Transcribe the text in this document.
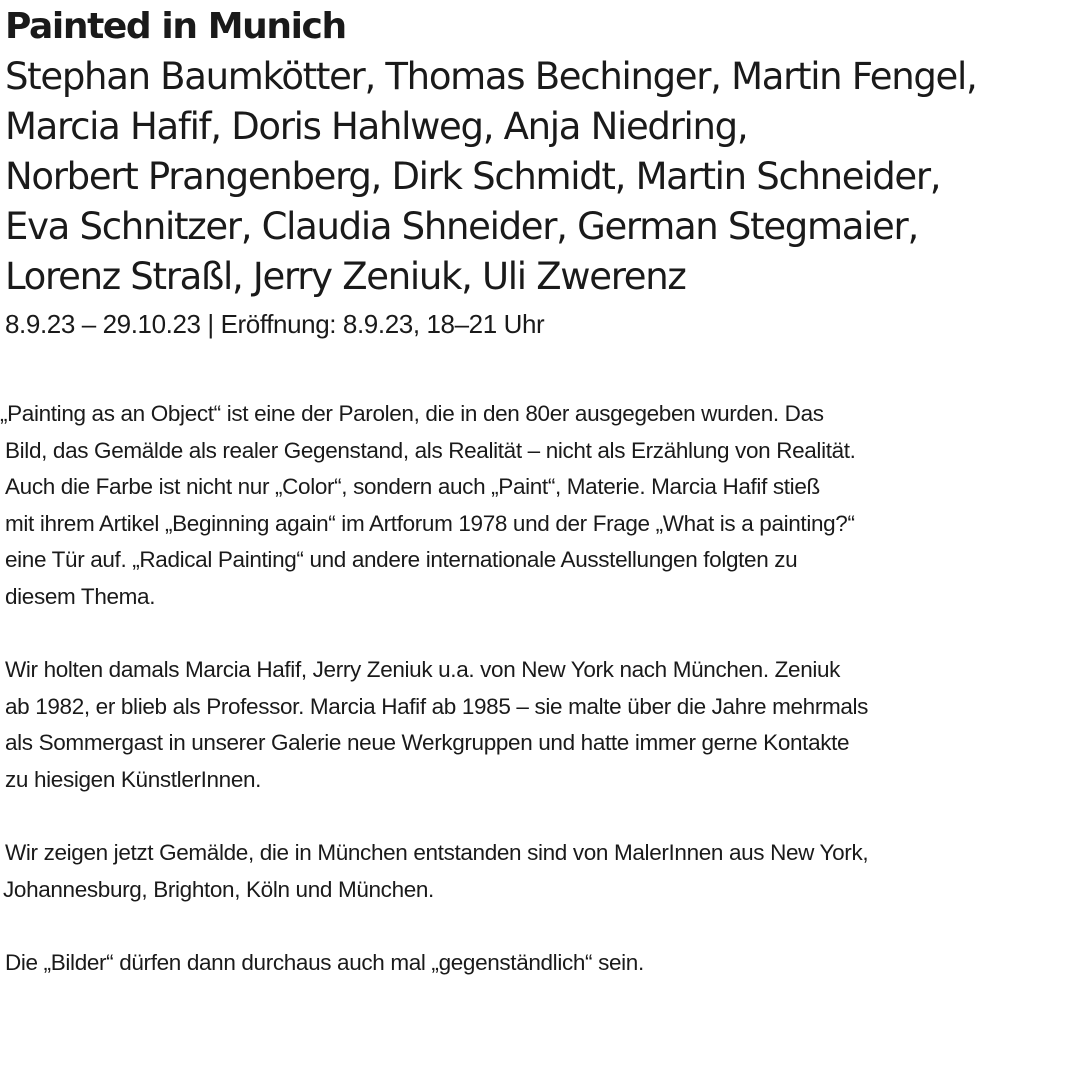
Painted in Munich

Stephan Baumkötter, Thomas Bechinger, Martin Fengel,
Marcia Hafif, Doris Hahlweg, Anja Niedring,
Norbert Prangenberg, Dirk Schmidt, Martin Schneider,
Eva Schnitzer, Claudia Shneider, German Stegmaier,
Lorenz Straßl, Jerry Zeniuk, Uli Zwerenz

8.9.23 – 29.10.23 | Eröffnung: 8.9.23, 18–21 Uhr

„Painting as an Object“ ist eine der Parolen, die in den 80er ausgegeben wurden. Das
Bild, das Gemälde als realer Gegenstand, als Realität – nicht als Erzählung von Realität.
Auch die Farbe ist nicht nur „Color“, sondern auch „Paint“, Materie. Marcia Hafif stieß
mit ihrem Artikel „Beginning again“ im Artforum 1978 und der Frage „What is a painting?“
eine Tür auf. „Radical Painting“ und andere internationale Ausstellungen folgten zu
diesem Thema.

Wir holten damals Marcia Hafif, Jerry Zeniuk u.a. von New York nach München. Zeniuk
ab 1982, er blieb als Professor. Marcia Hafif ab 1985 – sie malte über die Jahre mehrmals
als Sommergast in unserer Galerie neue Werkgruppen und hatte immer gerne Kontakte
zu hiesigen KünstlerInnen.

Wir zeigen jetzt Gemälde, die in München entstanden sind von MalerInnen aus New York,
Johannesburg, Brighton, Köln und München.

Die „Bilder“ dürfen dann durchaus auch mal „gegenständlich“ sein.
